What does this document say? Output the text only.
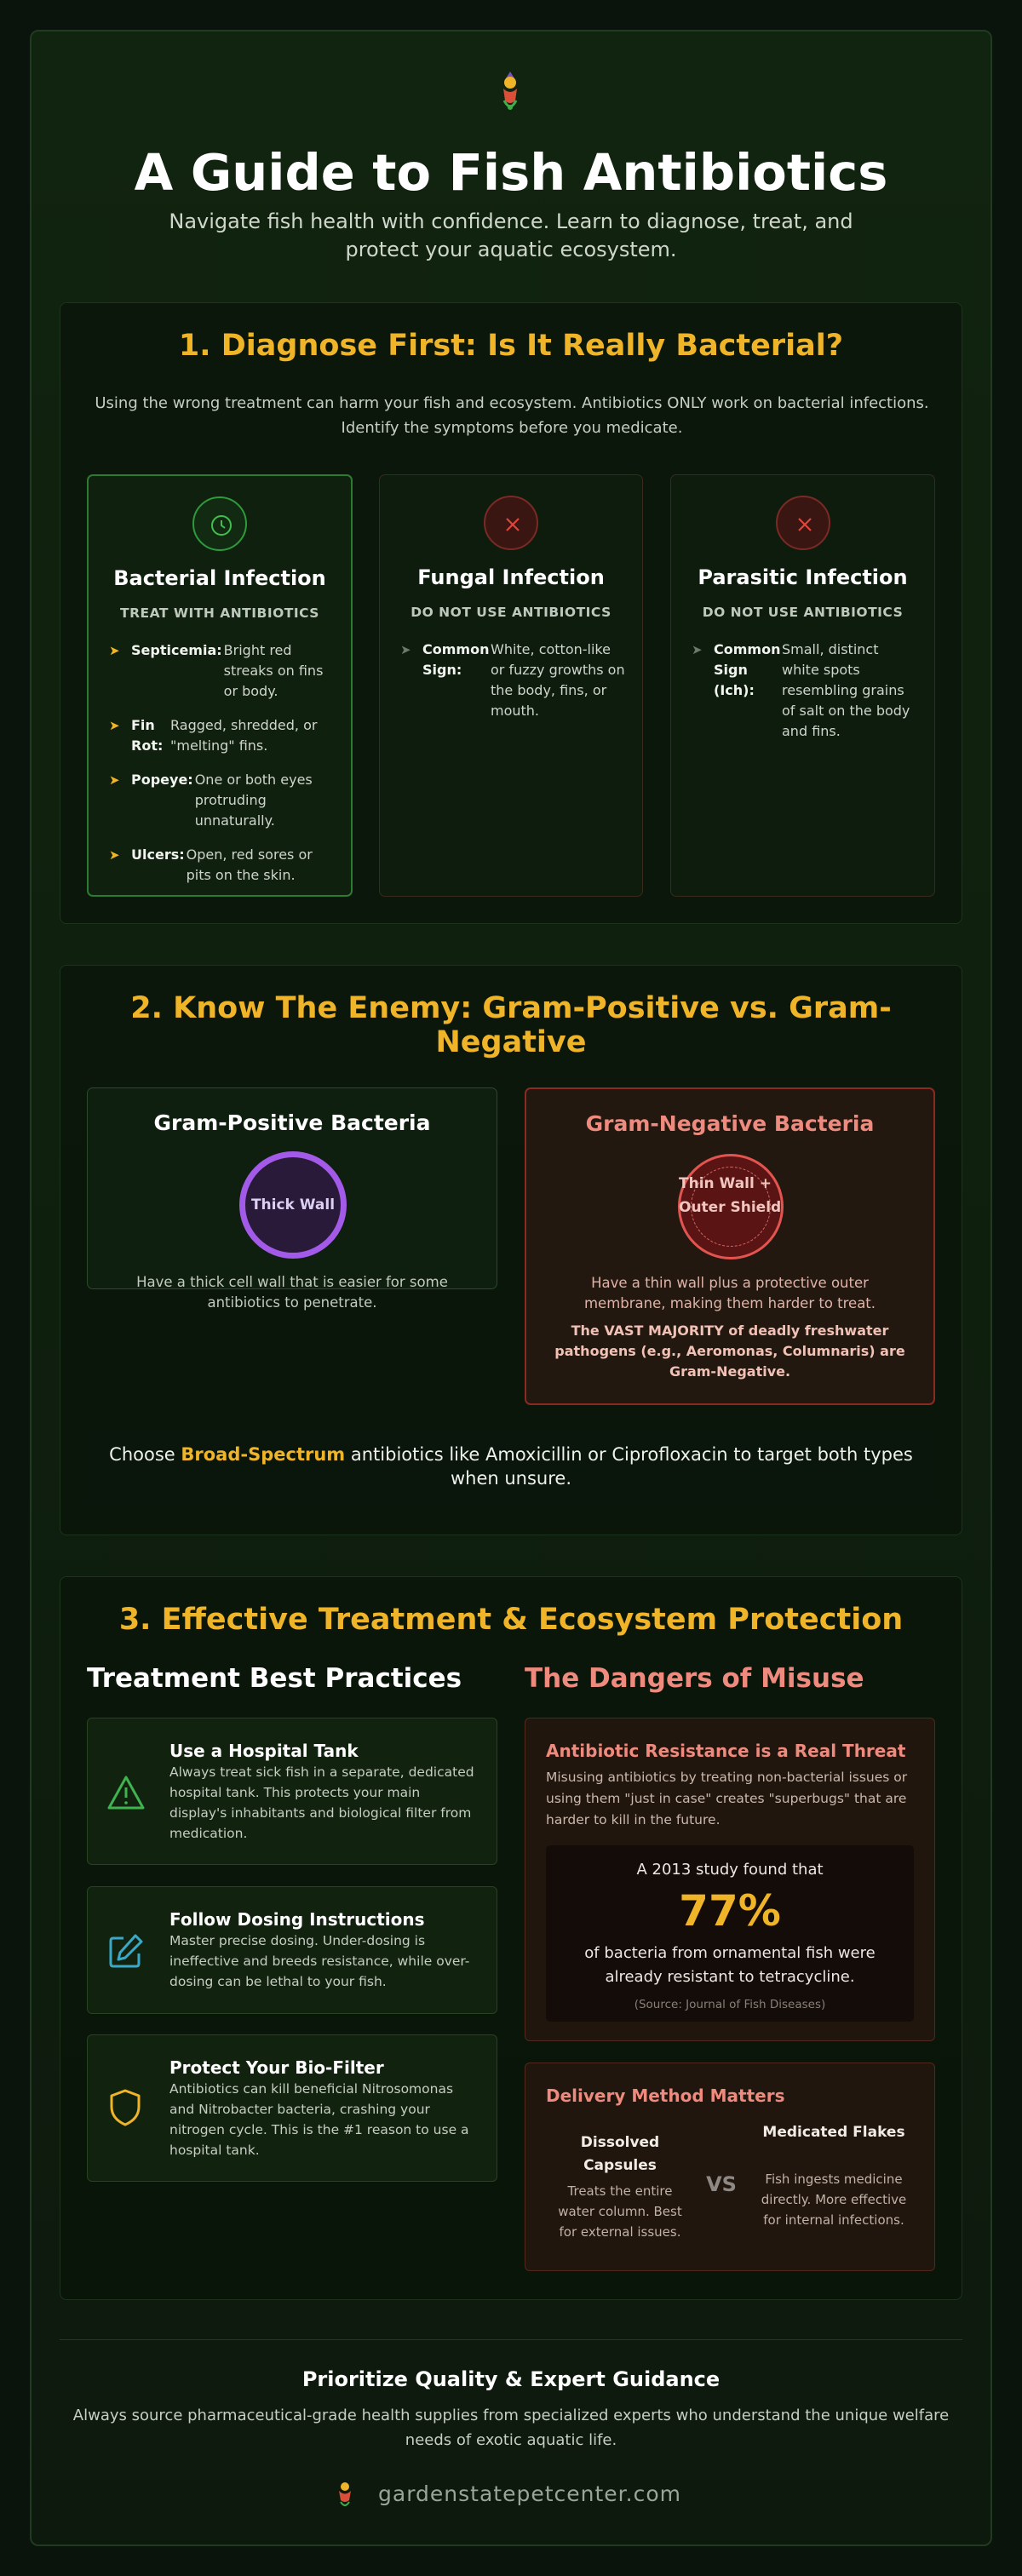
A Guide to Fish Antibiotics
Navigate fish health with confidence. Learn to diagnose, treat, and protect your aquatic ecosystem.
1. Diagnose First: Is It Really Bacterial?
Using the wrong treatment can harm your fish and ecosystem. Antibiotics ONLY work on bacterial infections. Identify the symptoms before you medicate.
Bacterial Infection
TREAT WITH ANTIBIOTICS
➤ Septicemia: Bright red streaks on fins or body.
➤ Fin Rot:
Ragged, shredded, or "melting" fins.
➤ Popeye: One or both eyes protruding unnaturally.
➤ Ulcers: Open, red sores or pits on the skin.
Fungal Infection
DO NOT USE ANTIBIOTICS
➤ Common Sign:
White, cotton-like or fuzzy growths on the body, fins, or mouth.
Parasitic Infection
DO NOT USE ANTIBIOTICS
➤ Common Sign (Ich):
Small, distinct white spots resembling grains of salt on the body and fins.
2. Know The Enemy: Gram-Positive vs. Gram-Negative
Gram-Positive Bacteria
Thick Wall
Have a thick cell wall that is easier for some antibiotics to penetrate.
Gram-Negative Bacteria
Thin Wall + Outer Shield
Have a thin wall plus a protective outer membrane, making them harder to treat.
The VAST MAJORITY of deadly freshwater pathogens (e.g., Aeromonas, Columnaris) are Gram-Negative.
Choose Broad-Spectrum antibiotics like Amoxicillin or Ciprofloxacin to target both types when unsure.
3. Effective Treatment & Ecosystem Protection
Treatment Best Practices The Dangers of Misuse
Use a Hospital Tank
Always treat sick fish in a separate, dedicated hospital tank. This protects your main display's inhabitants and biological filter from medication.
Follow Dosing Instructions
Master precise dosing. Under-dosing is ineffective and breeds resistance, while over-dosing can be lethal to your fish.
Protect Your Bio-Filter
Antibiotics can kill beneficial Nitrosomonas and Nitrobacter bacteria, crashing your nitrogen cycle. This is the #1 reason to use a hospital tank.
Antibiotic Resistance is a Real Threat
Misusing antibiotics by treating non-bacterial issues or using them "just in case" creates "superbugs" that are harder to kill in the future.
A 2013 study found that
77%
of bacteria from ornamental fish were already resistant to tetracycline.
(Source: Journal of Fish Diseases)
Delivery Method Matters
Dissolved Capsules
Treats the entire water column. Best for external issues.
VS
Medicated Flakes
Fish ingests medicine directly. More effective for internal infections.
Prioritize Quality & Expert Guidance
Always source pharmaceutical-grade health supplies from specialized experts who understand the unique welfare needs of exotic aquatic life.
gardenstatepetcenter.com
